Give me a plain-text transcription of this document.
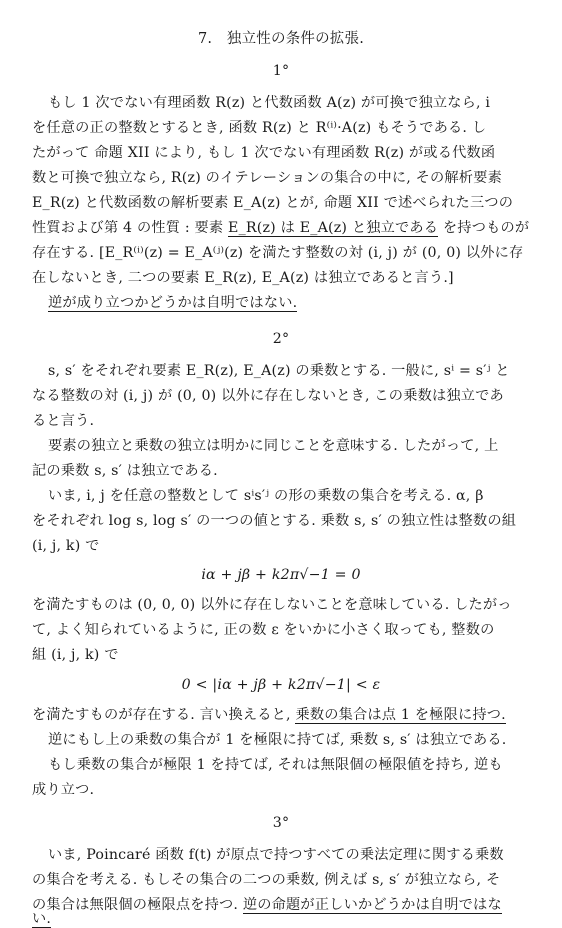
7.　独立性の条件の拡張.
1°
もし 1 次でない有理函数 R(z) と代数函数 A(z) が可換で独立なら, i
を任意の正の整数とするとき, 函数 R(z) と R⁽ⁱ⁾·A(z) もそうである. し
たがって 命題 XII により, もし 1 次でない有理函数 R(z) が或る代数函
数と可換で独立なら, R(z) のイテレーションの集合の中に, その解析要素
E_R(z) と代数函数の解析要素 E_A(z) とが, 命題 XII で述べられた三つの
性質および第 4 の性質 : 要素 E_R(z) は E_A(z) と独立である を持つものが
存在する. [E_R⁽ⁱ⁾(z) = E_A⁽ʲ⁾(z) を満たす整数の対 (i, j) が (0, 0) 以外に存
在しないとき, 二つの要素 E_R(z), E_A(z) は独立であると言う.]
逆が成り立つかどうかは自明ではない.
2°
s, s′ をそれぞれ要素 E_R(z), E_A(z) の乗数とする. 一般に, sⁱ = s′ʲ と
なる整数の対 (i, j) が (0, 0) 以外に存在しないとき, この乗数は独立であ
ると言う.
要素の独立と乗数の独立は明かに同じことを意味する. したがって, 上
記の乗数 s, s′ は独立である.
いま, i, j を任意の整数として sⁱs′ʲ の形の乗数の集合を考える. α, β
をそれぞれ log s, log s′ の一つの値とする. 乗数 s, s′ の独立性は整数の組
(i, j, k) で
iα + jβ + k2π√−1 = 0
を満たすものは (0, 0, 0) 以外に存在しないことを意味している. したがっ
て, よく知られているように, 正の数 ε をいかに小さく取っても, 整数の
組 (i, j, k) で
0 < |iα + jβ + k2π√−1| < ε
を満たすものが存在する. 言い換えると, 乗数の集合は点 1 を極限に持つ.
逆にもし上の乗数の集合が 1 を極限に持てば, 乗数 s, s′ は独立である.
もし乗数の集合が極限 1 を持てば, それは無限個の極限値を持ち, 逆も
成り立つ.
3°
いま, Poincaré 函数 f(t) が原点で持つすべての乗法定理に関する乗数
の集合を考える. もしその集合の二つの乗数, 例えば s, s′ が独立なら, そ
の集合は無限個の極限点を持つ. 逆の命題が正しいかどうかは自明ではな
い.
